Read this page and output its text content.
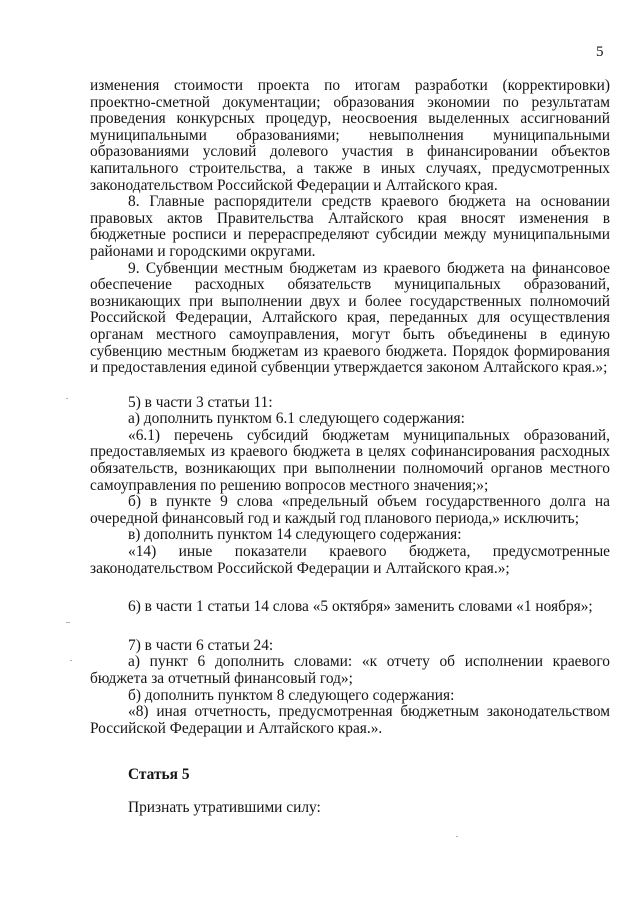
5

изменения стоимости проекта по итогам разработки (корректировки) проектно-сметной документации; образования экономии по результатам проведения конкурсных процедур, неосвоения выделенных ассигнований муниципальными образованиями; невыполнения муниципальными образованиями условий долевого участия в финансировании объектов капитального строительства, а также в иных случаях, предусмотренных законодательством Российской Федерации и Алтайского края.

8. Главные распорядители средств краевого бюджета на основании правовых актов Правительства Алтайского края вносят изменения в бюджетные росписи и перераспределяют субсидии между муниципальными районами и городскими округами.

9. Субвенции местным бюджетам из краевого бюджета на финансовое обеспечение расходных обязательств муниципальных образований, возникающих при выполнении двух и более государственных полномочий Российской Федерации, Алтайского края, переданных для осуществления органам местного самоуправления, могут быть объединены в единую субвенцию местным бюджетам из краевого бюджета. Порядок формирования и предоставления единой субвенции утверждается законом Алтайского края.»;

5) в части 3 статьи 11:

а) дополнить пунктом 6.1 следующего содержания:

«6.1) перечень субсидий бюджетам муниципальных образований, предоставляемых из краевого бюджета в целях софинансирования расходных обязательств, возникающих при выполнении полномочий органов местного самоуправления по решению вопросов местного значения;»;

б) в пункте 9 слова «предельный объем государственного долга на очередной финансовый год и каждый год планового периода,» исключить;

в) дополнить пунктом 14 следующего содержания:

«14) иные показатели краевого бюджета, предусмотренные законодательством Российской Федерации и Алтайского края.»;

6) в части 1 статьи 14 слова «5 октября» заменить словами «1 ноября»;

7) в части 6 статьи 24:

а) пункт 6 дополнить словами: «к отчету об исполнении краевого бюджета за отчетный финансовый год»;

б) дополнить пунктом 8 следующего содержания:

«8) иная отчетность, предусмотренная бюджетным законодательством Российской Федерации и Алтайского края.».

Статья 5

Признать утратившими силу:
